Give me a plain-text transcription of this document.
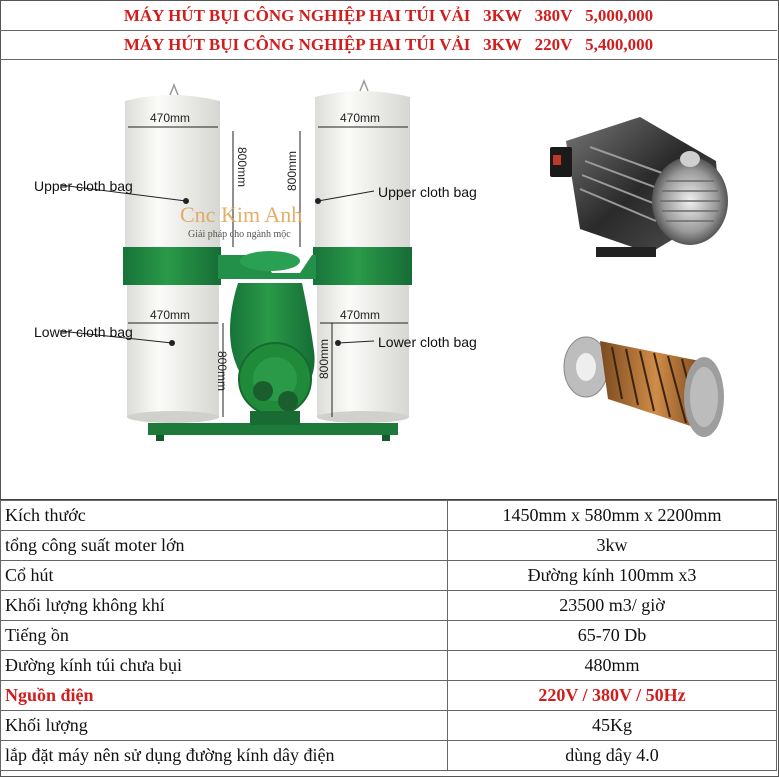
MÁY HÚT BỤI CÔNG NGHIỆP HAI TÚI VẢI 3KW 380V 5,000,000
MÁY HÚT BỤI CÔNG NGHIỆP HAI TÚI VẢI 3KW 220V 5,400,000
470mm	470mm
470mm	470mm
800mm	800mm
800mm	800mm
Upper cloth bag	Upper cloth bag
Lower cloth bag
Lower cloth bag
Cnc Kim Anh
Giải pháp cho ngành mộc
Kích thước	1450mm x 580mm x 2200mm
tổng công suất moter lớn	3kw
Cổ hút	Đường kính 100mm x3
Khối lượng không khí	23500 m3/ giờ
Tiếng ồn	65-70 Db
Đường kính túi chưa bụi	480mm
Nguồn điện	220V / 380V / 50Hz
Khối lượng	45Kg
lắp đặt máy nên sử dụng đường kính dây điện	dùng dây 4.0
